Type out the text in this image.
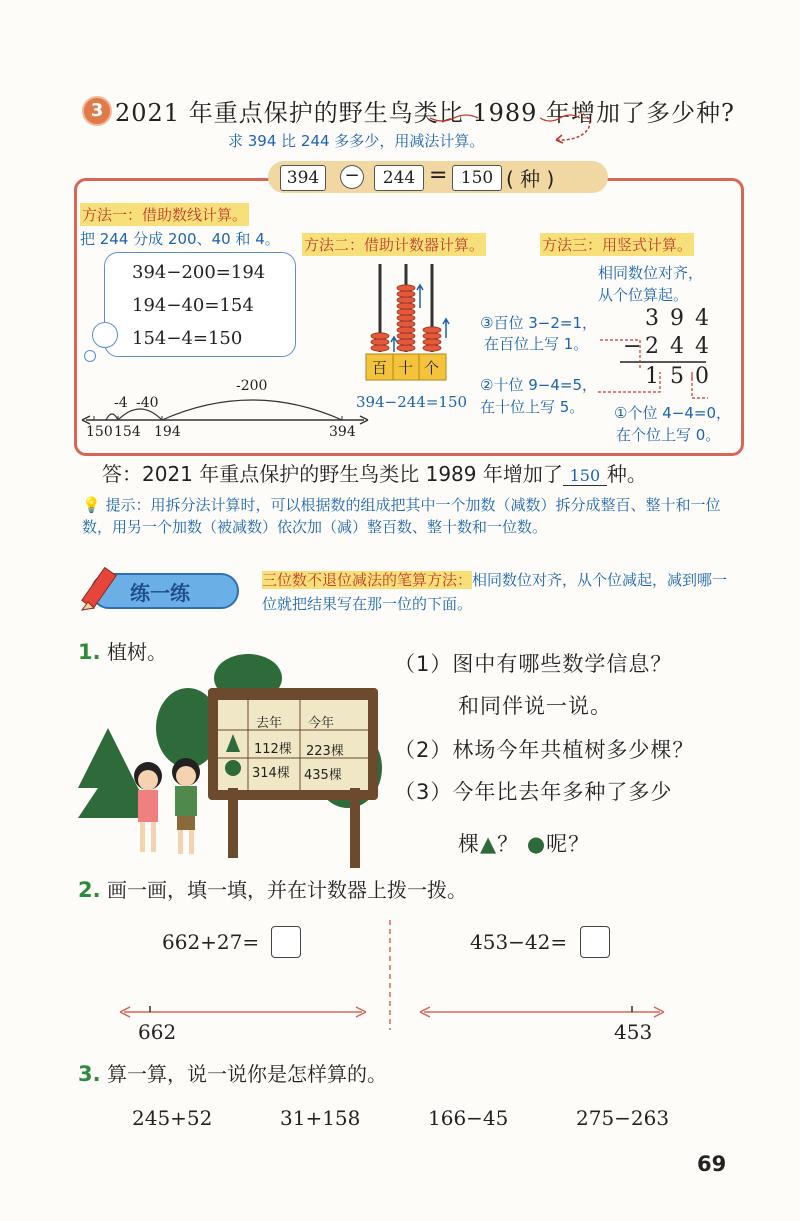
3 2021 年重点保护的野生鸟类比 1989 年增加了多少种?
求 394 比 244 多多少，用减法计算。
394	−	244 = 150 ( 种 )
方法一：借助数线计算。
把 244 分成 200、40 和 4。
394−200=194
194−40=154
154−4=150
-4 -40
-200
150 154 194	394
方法二：借助计数器计算。
百 十 个
394−244=150
方法三：用竖式计算。
相同数位对齐，
从个位算起。
394
− 244
150
③百位 3−2=1，
在百位上写 1。
②十位 9−4=5，
在十位上写 5。 ①个位 4−4=0，
在个位上写 0。
答：2021 年重点保护的野生鸟类比 1989 年增加了 150 种。
💡 提示：用拆分法计算时，可以根据数的组成把其中一个加数（减数）拆分成整百、整十和一位数，用另一个加数（被减数）依次加（减）整百数、整十数和一位数。
练一练
三位数不退位减法的笔算方法：相同数位对齐，从个位减起，减到哪一位就把结果写在那一位的下面。
1. 植树。
去年 今年
112棵 223棵
314棵 435棵
（1）图中有哪些数学信息？
和同伴说一说。
（2）林场今年共植树多少棵？
（3）今年比去年多种了多少
棵▲？ ●呢？
2. 画一画，填一填，并在计数器上拨一拨。
662+27=	453−42=
662	453
3. 算一算，说一说你是怎样算的。
245+52	31+158	166−45	275−263
69
